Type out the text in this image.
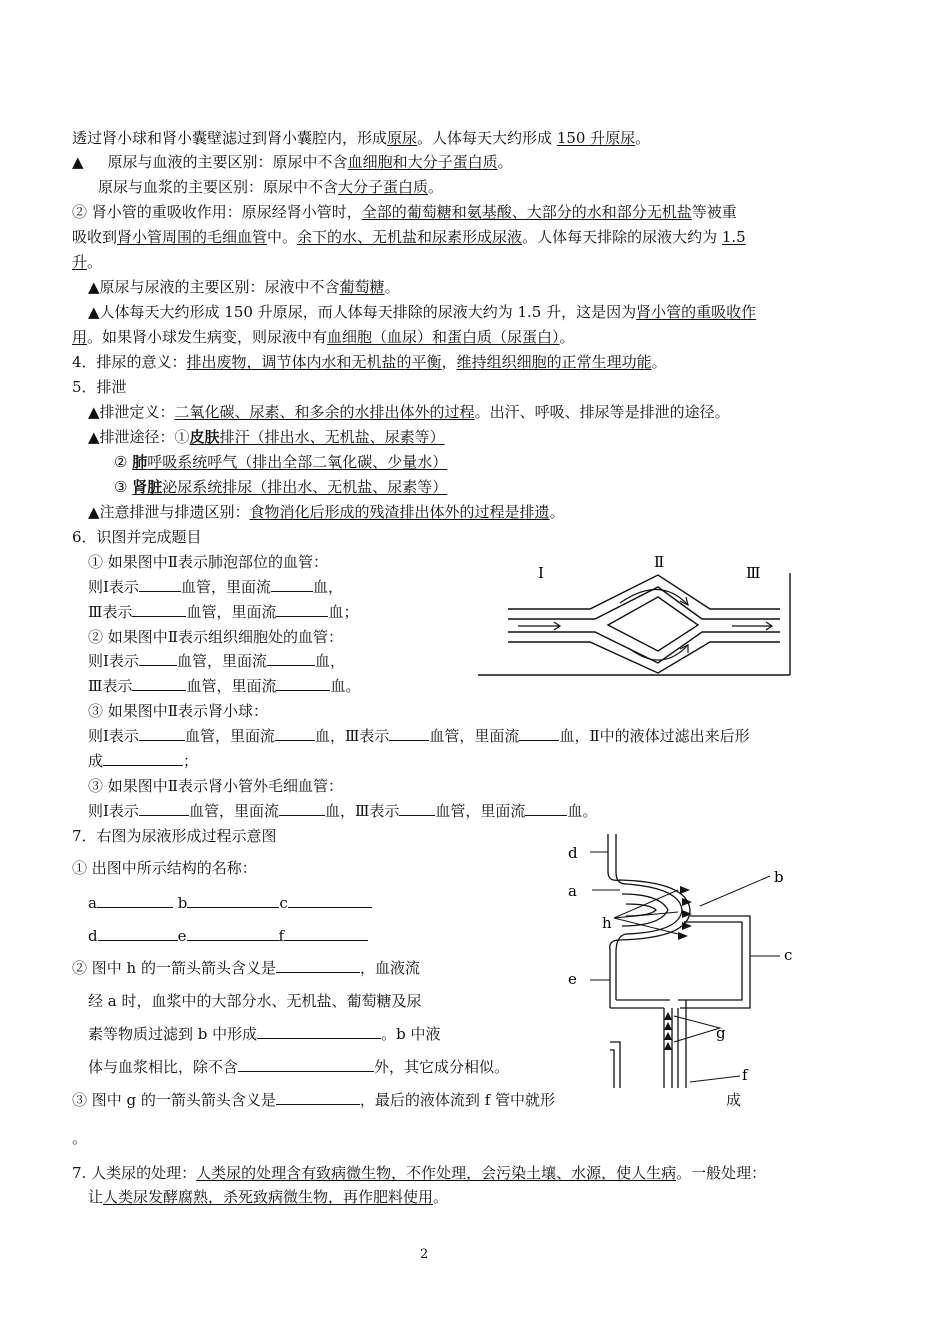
透过肾小球和肾小囊壁滤过到肾小囊腔内，形成原尿。人体每天大约形成 150 升原尿。
▲ 原尿与血液的主要区别：原尿中不含血细胞和大分子蛋白质。
原尿与血浆的主要区别：原尿中不含大分子蛋白质。
② 肾小管的重吸收作用：原尿经肾小管时，全部的葡萄糖和氨基酸、大部分的水和部分无机盐等被重
吸收到肾小管周围的毛细血管中。余下的水、无机盐和尿素形成尿液。人体每天排除的尿液大约为 1.5
升。
▲原尿与尿液的主要区别：尿液中不含葡萄糖。
▲人体每天大约形成 150 升原尿，而人体每天排除的尿液大约为 1.5 升，这是因为肾小管的重吸收作
用。如果肾小球发生病变，则尿液中有血细胞（血尿）和蛋白质（尿蛋白）。
4．排尿的意义：排出废物，调节体内水和无机盐的平衡，维持组织细胞的正常生理功能。
5．排泄
▲排泄定义：二氧化碳、尿素、和多余的水排出体外的过程。出汗、呼吸、排尿等是排泄的途径。
▲排泄途径：①皮肤排汗（排出水、无机盐、尿素等）
② 肺呼吸系统呼气（排出全部二氧化碳、少量水）
③ 肾脏泌尿系统排尿（排出水、无机盐、尿素等）
▲注意排泄与排遗区别：食物消化后形成的残渣排出体外的过程是排遗。
6．识图并完成题目
① 如果图中Ⅱ表示肺泡部位的血管：
则Ⅰ表示	血管，里面流	血，
Ⅲ表示	血管，里面流	血；
② 如果图中Ⅱ表示组织细胞处的血管：
则Ⅰ表示	血管，里面流	血，
Ⅲ表示	血管，里面流	血。
③ 如果图中Ⅱ表示肾小球：
则Ⅰ表示	血管，里面流	血，Ⅲ表示	血管，里面流	血，Ⅱ中的液体过滤出来后形
成	；
③ 如果图中Ⅱ表示肾小管外毛细血管：
则Ⅰ表示	血管，里面流	血，Ⅲ表示 血管，里面流	血。
Ⅰ
Ⅱ
Ⅲ
7．右图为尿液形成过程示意图
① 出图中所示结构的名称：
a	b	c
d	e	f
② 图中 h 的一箭头箭头含义是	，血液流
经 a 时，血浆中的大部分水、无机盐、葡萄糖及尿
素等物质过滤到 b 中形成	。b 中液
体与血浆相比，除不含	外，其它成分相似。
③ 图中 g 的一箭头箭头含义是	，最后的液体流到 f 管中就形	成
。
d
a
h
b
c
e
g
f
7. 人类尿的处理：人类尿的处理含有致病微生物，不作处理，会污染土壤、水源，使人生病。一般处理：
让人类尿发酵腐熟，杀死致病微生物，再作肥料使用。
2
